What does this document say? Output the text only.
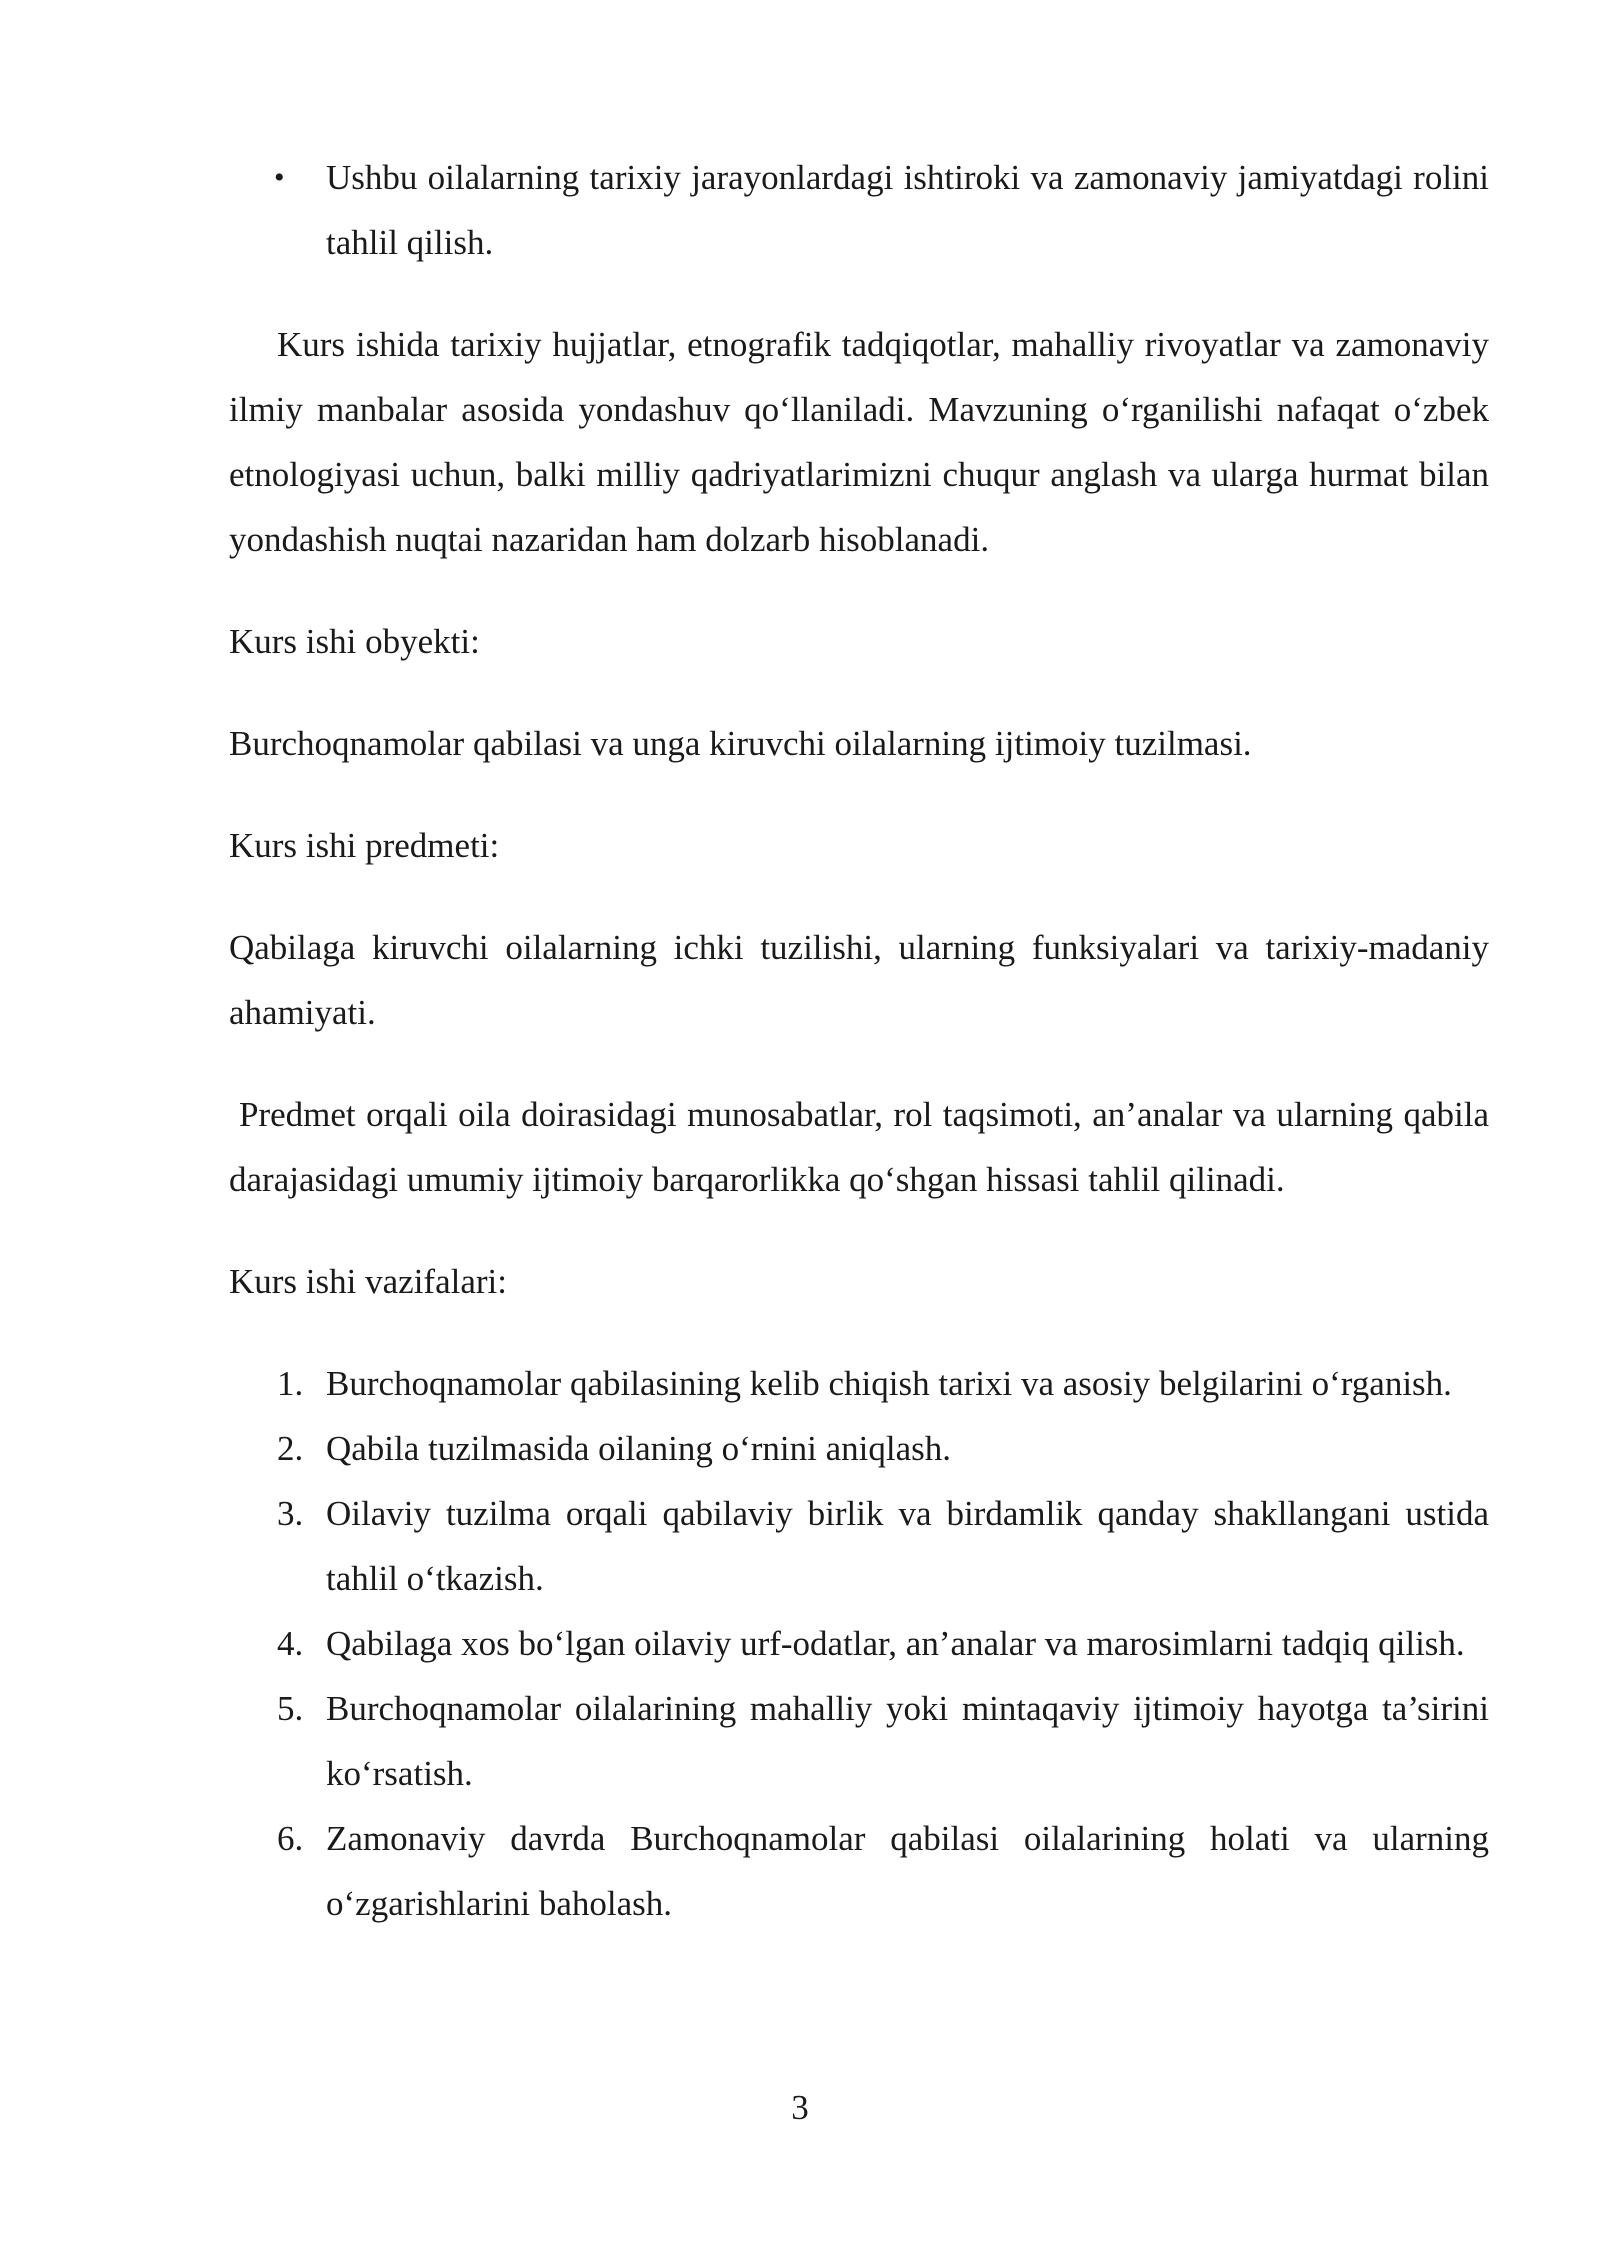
• Ushbu oilalarning tarixiy jarayonlardagi ishtiroki va zamonaviy jamiyatdagi rolini tahlil qilish.

Kurs ishida tarixiy hujjatlar, etnografik tadqiqotlar, mahalliy rivoyatlar va zamonaviy ilmiy manbalar asosida yondashuv qo‘llaniladi. Mavzuning o‘rganilishi nafaqat o‘zbek etnologiyasi uchun, balki milliy qadriyatlarimizni chuqur anglash va ularga hurmat bilan yondashish nuqtai nazaridan ham dolzarb hisoblanadi.

Kurs ishi obyekti:

Burchoqnamolar qabilasi va unga kiruvchi oilalarning ijtimoiy tuzilmasi.

Kurs ishi predmeti:

Qabilaga kiruvchi oilalarning ichki tuzilishi, ularning funksiyalari va tarixiy-madaniy ahamiyati.

Predmet orqali oila doirasidagi munosabatlar, rol taqsimoti, an’analar va ularning qabila darajasidagi umumiy ijtimoiy barqarorlikka qo‘shgan hissasi tahlil qilinadi.

Kurs ishi vazifalari:

1. Burchoqnamolar qabilasining kelib chiqish tarixi va asosiy belgilarini o‘rganish.
2. Qabila tuzilmasida oilaning o‘rnini aniqlash.
3. Oilaviy tuzilma orqali qabilaviy birlik va birdamlik qanday shakllangani ustida tahlil o‘tkazish.
4. Qabilaga xos bo‘lgan oilaviy urf-odatlar, an’analar va marosimlarni tadqiq qilish.
5. Burchoqnamolar oilalarining mahalliy yoki mintaqaviy ijtimoiy hayotga ta’sirini ko‘rsatish.
6. Zamonaviy davrda Burchoqnamolar qabilasi oilalarining holati va ularning o‘zgarishlarini baholash.
3
